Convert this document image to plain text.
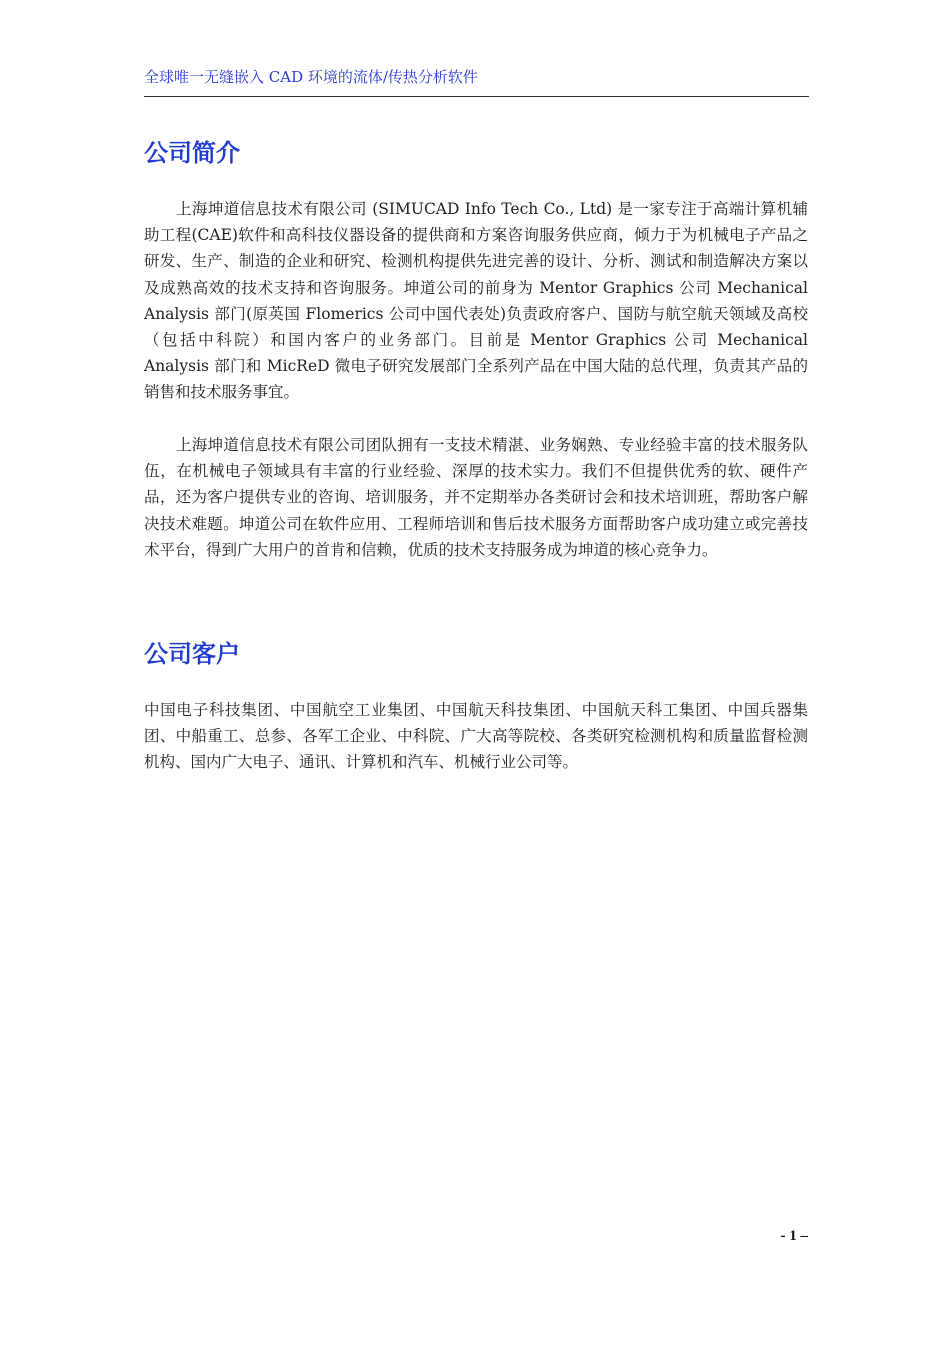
全球唯一无缝嵌入 CAD 环境的流体/传热分析软件
公司简介

上海坤道信息技术有限公司 (SIMUCAD Info Tech Co., Ltd) 是一家专注于高端计算机辅助工程(CAE)软件和高科技仪器设备的提供商和方案咨询服务供应商，倾力于为机械电子产品之研发、生产、制造的企业和研究、检测机构提供先进完善的设计、分析、测试和制造解决方案以及成熟高效的技术支持和咨询服务。坤道公司的前身为 Mentor Graphics 公司 Mechanical Analysis 部门(原英国 Flomerics 公司中国代表处)负责政府客户、国防与航空航天领域及高校（包括中科院）和国内客户的业务部门。目前是 Mentor Graphics 公司 Mechanical Analysis 部门和 MicReD 微电子研究发展部门全系列产品在中国大陆的总代理，负责其产品的销售和技术服务事宜。

上海坤道信息技术有限公司团队拥有一支技术精湛、业务娴熟、专业经验丰富的技术服务队伍，在机械电子领域具有丰富的行业经验、深厚的技术实力。我们不但提供优秀的软、硬件产品，还为客户提供专业的咨询、培训服务，并不定期举办各类研讨会和技术培训班，帮助客户解决技术难题。坤道公司在软件应用、工程师培训和售后技术服务方面帮助客户成功建立或完善技术平台，得到广大用户的首肯和信赖，优质的技术支持服务成为坤道的核心竞争力。

公司客户

中国电子科技集团、中国航空工业集团、中国航天科技集团、中国航天科工集团、中国兵器集团、中船重工、总参、各军工企业、中科院、广大高等院校、各类研究检测机构和质量监督检测机构、国内广大电子、通讯、计算机和汽车、机械行业公司等。

- 1 –
